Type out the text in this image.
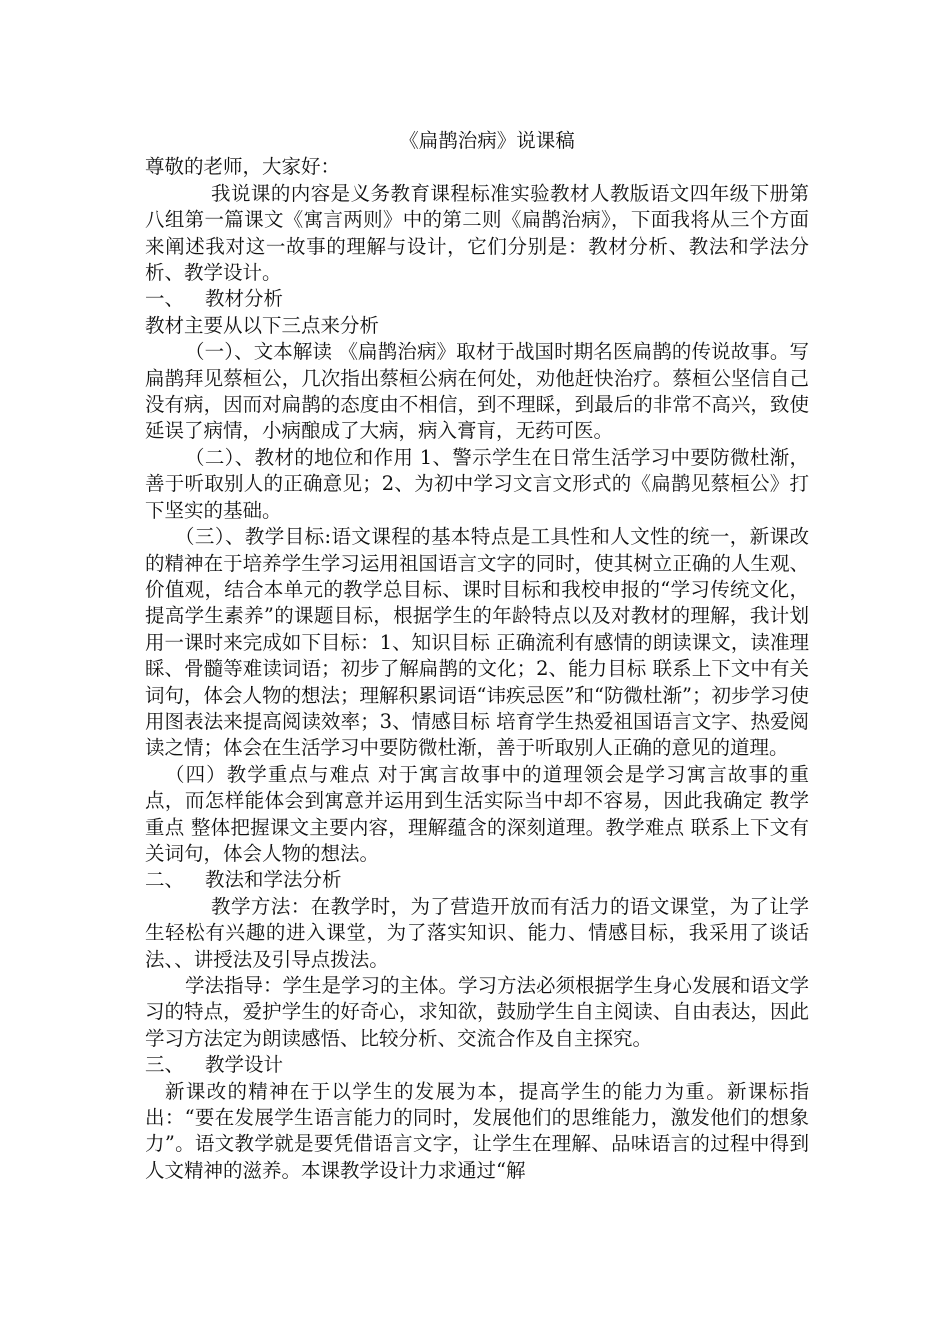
《扁鹊治病》说课稿

尊敬的老师，大家好：

我说课的内容是义务教育课程标准实验教材人教版语文四年级下册第八组第一篇课文《寓言两则》中的第二则《扁鹊治病》，下面我将从三个方面来阐述我对这一故事的理解与设计，它们分别是：教材分析、教法和学法分析、教学设计。

一、	教材分析

教材主要从以下三点来分析

（一）、文本解读 《扁鹊治病》取材于战国时期名医扁鹊的传说故事。写扁鹊拜见蔡桓公，几次指出蔡桓公病在何处，劝他赶快治疗。蔡桓公坚信自己没有病，因而对扁鹊的态度由不相信，到不理睬，到最后的非常不高兴，致使延误了病情，小病酿成了大病，病入膏肓，无药可医。

（二）、教材的地位和作用 1、警示学生在日常生活学习中要防微杜渐，善于听取别人的正确意见；2、为初中学习文言文形式的《扁鹊见蔡桓公》打下坚实的基础。

（三）、教学目标:语文课程的基本特点是工具性和人文性的统一，新课改的精神在于培养学生学习运用祖国语言文字的同时，使其树立正确的人生观、价值观，结合本单元的教学总目标、课时目标和我校申报的“学习传统文化，提高学生素养”的课题目标，根据学生的年龄特点以及对教材的理解，我计划用一课时来完成如下目标：1、知识目标 正确流利有感情的朗读课文，读准理睬、骨髓等难读词语；初步了解扁鹊的文化；2、能力目标 联系上下文中有关词句，体会人物的想法；理解积累词语“讳疾忌医”和“防微杜渐”；初步学习使用图表法来提高阅读效率；3、情感目标 培育学生热爱祖国语言文字、热爱阅读之情；体会在生活学习中要防微杜渐，善于听取别人正确的意见的道理。

（四）教学重点与难点 对于寓言故事中的道理领会是学习寓言故事的重点，而怎样能体会到寓意并运用到生活实际当中却不容易，因此我确定 教学重点 整体把握课文主要内容，理解蕴含的深刻道理。教学难点 联系上下文有关词句，体会人物的想法。

二、	教法和学法分析

教学方法：在教学时，为了营造开放而有活力的语文课堂，为了让学生轻松有兴趣的进入课堂，为了落实知识、能力、情感目标，我采用了谈话法、、讲授法及引导点拨法。

学法指导：学生是学习的主体。学习方法必须根据学生身心发展和语文学习的特点，爱护学生的好奇心，求知欲，鼓励学生自主阅读、自由表达，因此学习方法定为朗读感悟、比较分析、交流合作及自主探究。

三、	教学设计

新课改的精神在于以学生的发展为本，提高学生的能力为重。新课标指出：“要在发展学生语言能力的同时，发展他们的思维能力，激发他们的想象力”。语文教学就是要凭借语言文字，让学生在理解、品味语言的过程中得到人文精神的滋养。本课教学设计力求通过“解
